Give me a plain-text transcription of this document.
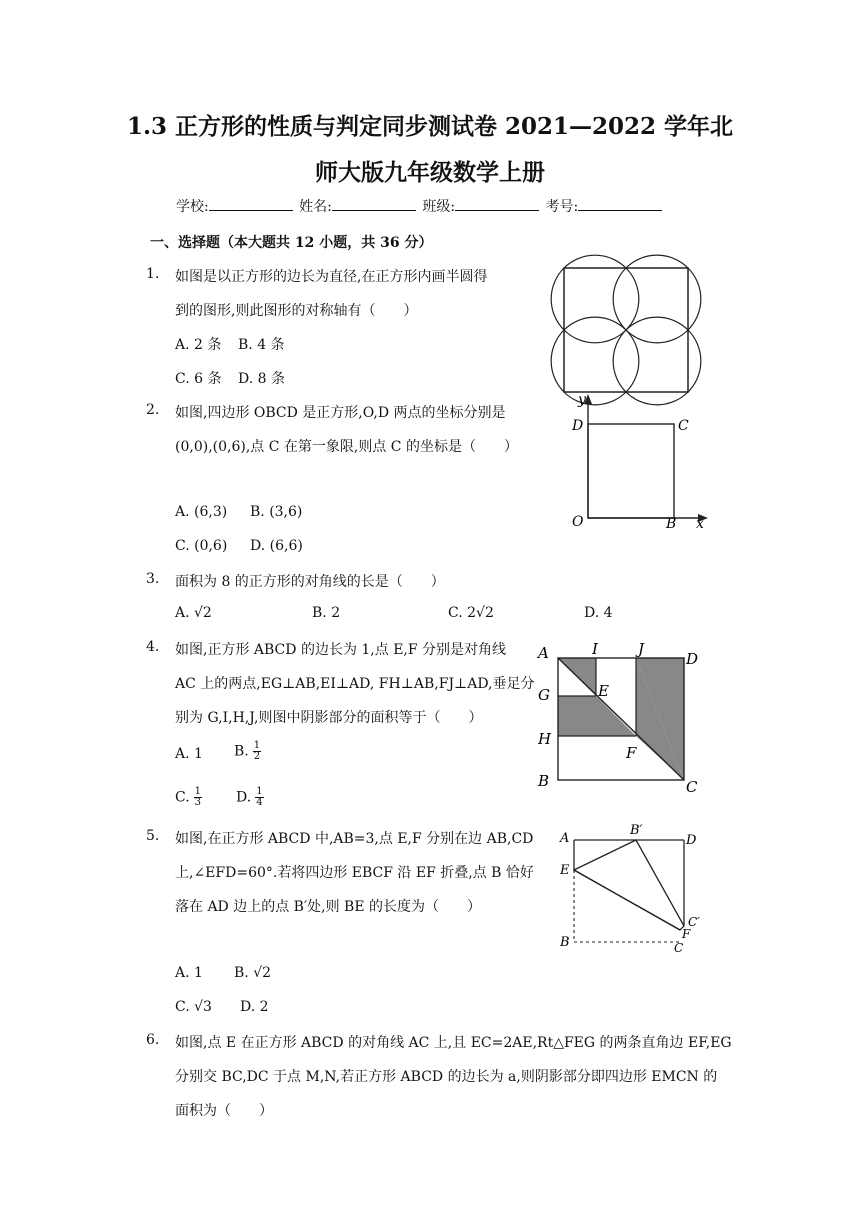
1.3 正方形的性质与判定同步测试卷 2021—2022 学年北
师大版九年级数学上册
学校:	姓名:	班级:	考号:
一、选择题（本大题共 12 小题，共 36 分）
1. 如图是以正方形的边长为直径,在正方形内画半圆得
到的图形,则此图形的对称轴有（　　）
A. 2 条 B. 4 条
C. 6 条 D. 8 条
2. 如图,四边形 OBCD 是正方形,O,D 两点的坐标分别是
(0,0),(0,6),点 C 在第一象限,则点 C 的坐标是（　　）
A. (6,3) B. (3,6)
C. (0,6) D. (6,6)
y
D	C
O	B x
3. 面积为 8 的正方形的对角线的长是（　　）
A. √2	B. 2	C. 2√2	D. 4
4. 如图,正方形 ABCD 的边长为 1,点 E,F 分别是对角线
AC 上的两点,EG⊥AB,EI⊥AD, FH⊥AB,FJ⊥AD,垂足分
别为 G,I,H,J,则图中阴影部分的面积等于（　　）
A. 1 B. $\frac{1}{2}$
C. $\frac{1}{3} D$. $\frac{1}{4}$
A	I	J
D
G	E
H
F
B	C
5. 如图,在正方形 ABCD 中,AB=3,点 E,F 分别在边 AB,CD
上,∠EFD=60°.若将四边形 EBCF 沿 EF 折叠,点 B 恰好
落在 AD 边上的点 B′处,则 BE 的长度为（　　）
A. 1 B. √2
C. √3 D. 2
A
B′
D
E
C′
F
B	C
6. 如图,点 E 在正方形 ABCD 的对角线 AC 上,且 EC=2AE,Rt△FEG 的两条直角边 EF,EG
分别交 BC,DC 于点 M,N,若正方形 ABCD 的边长为 a,则阴影部分即四边形 EMCN 的
面积为（　　）
